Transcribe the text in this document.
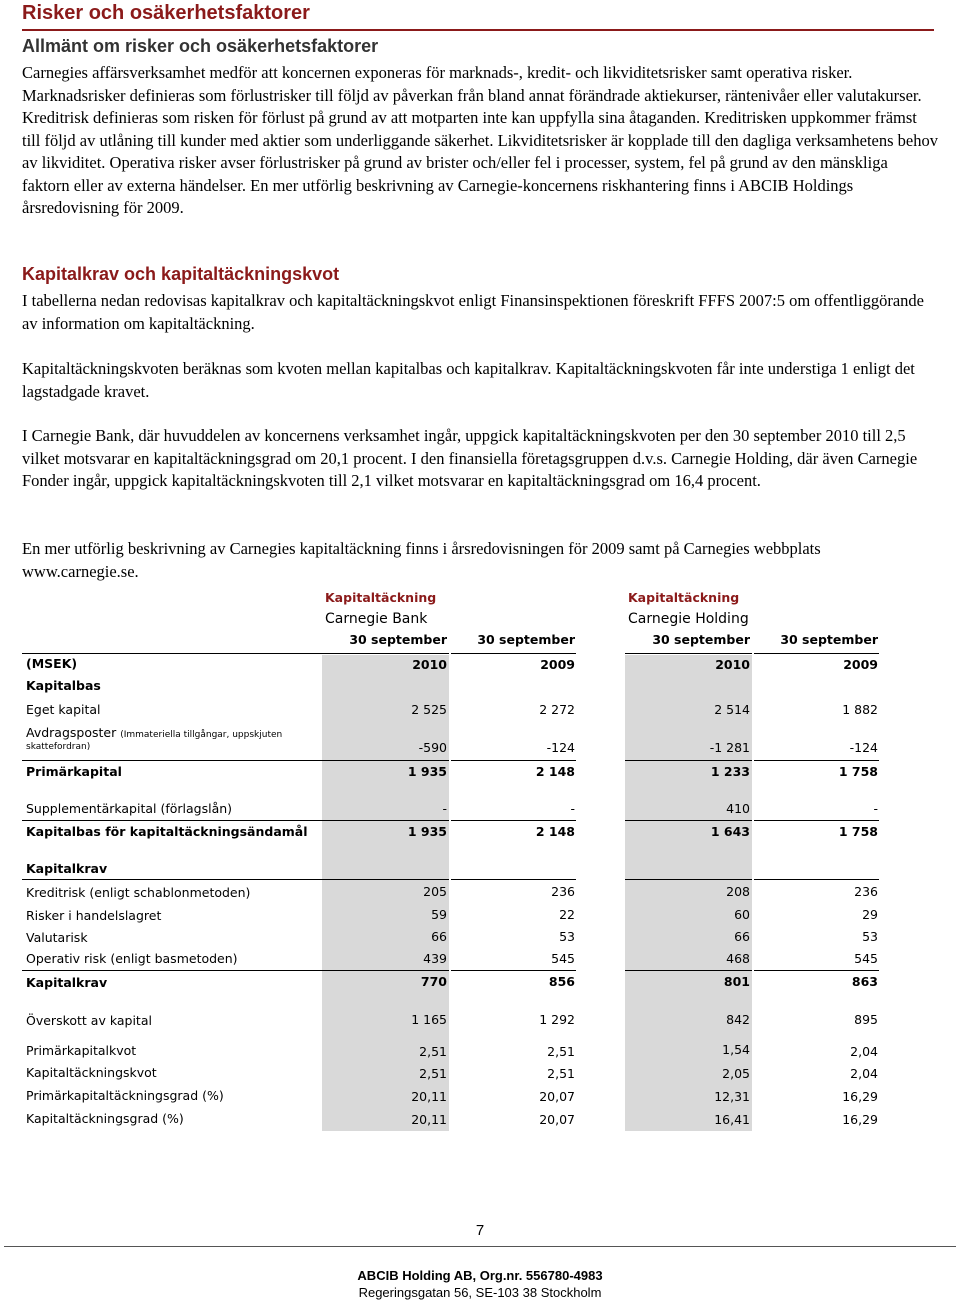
Risker och osäkerhetsfaktorer
Allmänt om risker och osäkerhetsfaktorer

Carnegies affärsverksamhet medför att koncernen exponeras för marknads-, kredit- och likviditetsrisker samt operativa risker. Marknadsrisker definieras som förlustrisker till följd av påverkan från bland annat förändrade aktiekurser, räntenivåer eller valutakurser. Kreditrisk definieras som risken för förlust på grund av att motparten inte kan uppfylla sina åtaganden. Kreditrisken uppkommer främst till följd av utlåning till kunder med aktier som underliggande säkerhet. Likviditetsrisker är kopplade till den dagliga verksamhetens behov av likviditet. Operativa risker avser förlustrisker på grund av brister och/eller fel i processer, system, fel på grund av den mänskliga faktorn eller av externa händelser. En mer utförlig beskrivning av Carnegie-koncernens riskhantering finns i ABCIB Holdings årsredovisning för 2009.

Kapitalkrav och kapitaltäckningskvot

I tabellerna nedan redovisas kapitalkrav och kapitaltäckningskvot enligt Finansinspektionen föreskrift FFFS 2007:5 om offentliggörande av information om kapitaltäckning.

Kapitaltäckningskvoten beräknas som kvoten mellan kapitalbas och kapitalkrav. Kapitaltäckningskvoten får inte understiga 1 enligt det lagstadgade kravet.

I Carnegie Bank, där huvuddelen av koncernens verksamhet ingår, uppgick kapitaltäckningskvoten per den 30 september 2010 till 2,5 vilket motsvarar en kapitaltäckningsgrad om 20,1 procent. I den finansiella företagsgruppen d.v.s. Carnegie Holding, där även Carnegie Fonder ingår, uppgick kapitaltäckningskvoten till 2,1 vilket motsvarar en kapitaltäckningsgrad om 16,4 procent.

En mer utförlig beskrivning av Carnegies kapitaltäckning finns i årsredovisningen för 2009 samt på Carnegies webbplats www.carnegie.se.

Kapitaltäckning	Kapitaltäckning
Carnegie Bank	Carnegie Holding
30 september	30 september	30 september	30 september
(MSEK)	2010	2009	2010	2009
Kapitalbas
Eget kapital	2 525	2 272	2 514	1 882
Avdragsposter (Immateriella tillgångar, uppskjuten
skattefordran)	-590	-124	-1 281	-124
Primärkapital	1 935	2 148	1 233	1 758
Supplementärkapital (förlagslån)	-	-	410	-
Kapitalbas för kapitaltäckningsändamål	1 935	2 148	1 643	1 758
Kapitalkrav
Kreditrisk (enligt schablonmetoden)	205	236	208	236
Risker i handelslagret	59	22	60	29
Valutarisk	66	53	66	53
Operativ risk (enligt basmetoden)	439	545	468	545
Kapitalkrav	770	856	801	863
Överskott av kapital	1 165	1 292	842	895
Primärkapitalkvot	2,51	2,51	1,54	2,04
Kapitaltäckningskvot	2,51	2,51	2,05	2,04
Primärkapitaltäckningsgrad (%)	20,11	20,07	12,31	16,29
Kapitaltäckningsgrad (%)	20,11	20,07	16,41	16,29
7
ABCIB Holding AB, Org.nr. 556780-4983
Regeringsgatan 56, SE-103 38 Stockholm
